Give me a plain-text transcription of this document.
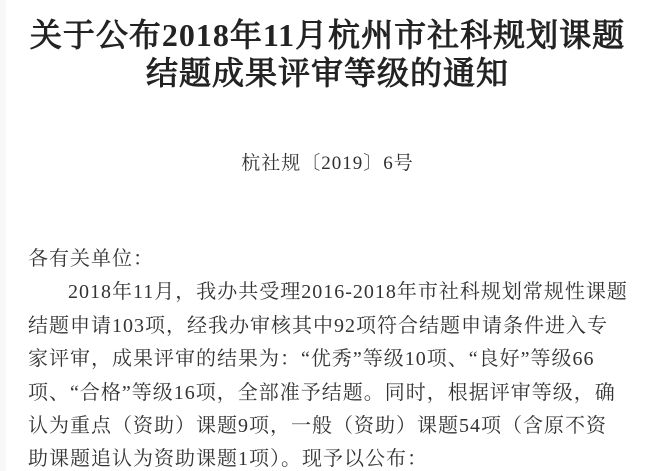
关于公布2018年11月杭州市社科规划课题
结题成果评审等级的通知
杭社规〔2019〕6号
各有关单位：
2018年11月，我办共受理2016-2018年市社科规划常规性课题
结题申请103项，经我办审核其中92项符合结题申请条件进入专
家评审，成果评审的结果为：“优秀”等级10项、“良好”等级66
项、“合格”等级16项，全部准予结题。同时，根据评审等级，确
认为重点（资助）课题9项，一般（资助）课题54项（含原不资
助课题追认为资助课题1项）。现予以公布：
